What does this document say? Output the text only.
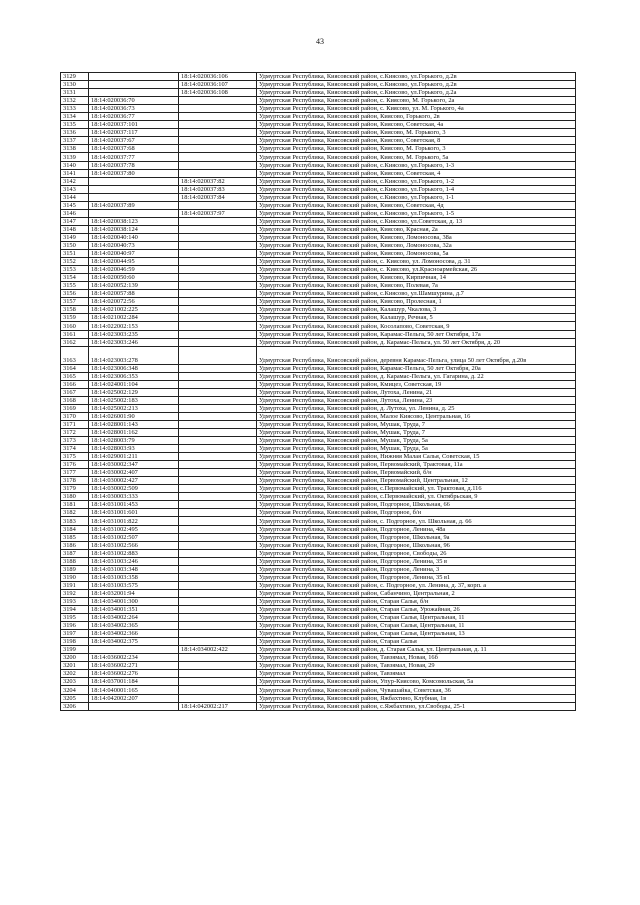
43
3129		18:14:020036:106	Удмуртская Республика, Кияcовский район, с.Кияcово, ул.Горького, д.2в
3130		18:14:020036:107	Удмуртская Республика, Кияcовский район, с.Кияcово, ул.Горького, д.2в
3131		18:14:020036:108	Удмуртская Республика, Кияcовский район, с.Кияcово, ул.Горького, д.2а
3132	18:14:020036:70		Удмуртская Республика, Кияcовский район, с. Кияcово, М. Горького, 2а
3133	18:14:020036:73		Удмуртская Республика, Кияcовский район, с. Кияcово, ул. М. Горького, 4а
3134	18:14:020036:77		Удмуртская Республика, Кияcовский район, Кияcово, Горького, 2в
3135	18:14:020037:101		Удмуртская Республика, Кияcовский район, Кияcово, Советская, 4а
3136	18:14:020037:117		Удмуртская Республика, Кияcовский район, Кияcово, М. Горького, 3
3137	18:14:020037:67		Удмуртская Республика, Кияcовский район, Кияcово, Советская, 8
3138	18:14:020037:68		Удмуртская Республика, Кияcовский район, Кияcово, М. Горького, 3
3139	18:14:020037:77		Удмуртская Республика, Кияcовский район, Кияcово, М. Горького, 5а
3140	18:14:020037:78		Удмуртская Республика, Кияcовский район, с.Кияcово, ул.Горького, 1-3
3141	18:14:020037:80		Удмуртская Республика, Кияcовский район, Кияcово, Советская, 4
3142		18:14:020037:82	Удмуртская Республика, Кияcовский район, с.Кияcово, ул.Горького, 1-2
3143		18:14:020037:83	Удмуртская Республика, Кияcовский район, с.Кияcово, ул.Горького, 1-4
3144		18:14:020037:84	Удмуртская Республика, Кияcовский район, с.Кияcово, ул.Горького, 1-1
3145	18:14:020037:89		Удмуртская Республика, Кияcовский район, Кияcово, Советская, 4д
3146		18:14:020037:97	Удмуртская Республика, Кияcовский район, с.Кияcово, ул.Горького, 1-5
3147	18:14:020038:123		Удмуртская Республика, Кияcовский район, с.Кияcово, ул.Советская, д. 13
3148	18:14:020038:124		Удмуртская Республика, Кияcовский район, Кияcово, Красная, 2а
3149	18:14:020040:140		Удмуртская Республика, Кияcовский район, Кияcово, Ломоносова, 38а
3150	18:14:020040:73		Удмуртская Республика, Кияcовский район, Кияcово, Ломоносова, 32а
3151	18:14:020040:97		Удмуртская Республика, Кияcовский район, Кияcово, Ломоносова, 5а
3152	18:14:020044:95		Удмуртская Республика, Кияcовский район, с. Кияcово, ул. Ломоносова, д. 31
3153	18:14:020046:59		Удмуртская Республика, Кияcовский район, с. Кияcово, ул.Красноармейская, 26
3154	18:14:020050:60		Удмуртская Республика, Кияcовский район, Кияcово, Кирпичная, 14
3155	18:14:020052:139		Удмуртская Республика, Кияcовский район, Кияcово, Полевая, 7а
3156	18:14:020057:88		Удмуртская Республика, Кияcовский район, с.Кияcово, ул.Шамшурина, д.7
3157	18:14:020072:56		Удмуртская Республика, Кияcовский район, Кияcово, Пролесная, 1
3158	18:14:021002:225		Удмуртская Республика, Кияcовский район, Калашур, Чкалова, 3
3159	18:14:021002:284		Удмуртская Республика, Кияcовский район, Калашур, Речная, 5
3160	18:14:022002:153		Удмуртская Республика, Кияcовский район, Косолапово, Советская, 9
3161	18:14:023003:235		Удмуртская Республика, Кияcовский район, Карамас-Пельга, 50 лет Октября, 17а
3162	18:14:023003:246		Удмуртская Республика, Кияcовский район, д. Карамас-Пельга, ул. 50 лет Октября, д. 20
3163	18:14:023003:278		Удмуртская Республика, Кияcовский район, деревня Карамас-Пельга, улица 50 лет Октября, д.20в
3164	18:14:023006:348		Удмуртская Республика, Кияcовский район, Карамас-Пельга, 50 лет Октября, 20а
3165	18:14:023006:353		Удмуртская Республика, Кияcовский район, д. Карамас-Пельга, ул. Гагарина, д. 22
3166	18:14:024001:104		Удмуртская Республика, Кияcовский район, Кмицез, Советская, 19
3167	18:14:025002:129		Удмуртская Республика, Кияcовский район, Лутоха, Ленина, 21
3168	18:14:025002:183		Удмуртская Республика, Кияcовский район, Лутоха, Ленина, 23
3169	18:14:025002:213		Удмуртская Республика, Кияcовский район, д. Лутоха, ул. Ленина, д. 25
3170	18:14:026001:90		Удмуртская Республика, Кияcовский район, Малое Кияcово, Центральная, 16
3171	18:14:028001:143		Удмуртская Республика, Кияcовский район, Мушак, Труда, 7
3172	18:14:028001:162		Удмуртская Республика, Кияcовский район, Мушак, Труда, 7
3173	18:14:028003:79		Удмуртская Республика, Кияcовский район, Мушак, Труда, 5а
3174	18:14:028003:93		Удмуртская Республика, Кияcовский район, Мушак, Труда, 5а
3175	18:14:029001:211		Удмуртская Республика, Кияcовский район, Нижняя Малая Салья, Советская, 15
3176	18:14:030002:347		Удмуртская Республика, Кияcовский район, Первомайский, Трактовая, 11а
3177	18:14:030002:407		Удмуртская Республика, Кияcовский район, Первомайский, б/н
3178	18:14:030002:427		Удмуртская Республика, Кияcовский район, Первомайский, Центральная, 12
3179	18:14:030002:509		Удмуртская Республика, Кияcовский район, с.Первомайский, ул. Трактовая, д.116
3180	18:14:030003:333		Удмуртская Республика, Кияcовский район, с.Первомайский, ул. Октябрьская, 9
3181	18:14:031001:453		Удмуртская Республика, Кияcовский район, Подгорное, Школьная, 66
3182	18:14:031001:601		Удмуртская Республика, Кияcовский район, Подгорное, б/н
3183	18:14:031001:822		Удмуртская Республика, Кияcовский район, с. Подгорное, ул. Школьная, д. 66
3184	18:14:031002:495		Удмуртская Республика, Кияcовский район, Подгорное, Ленина, 48а
3185	18:14:031002:507		Удмуртская Республика, Кияcовский район, Подгорное, Школьная, 9а
3186	18:14:031002:566		Удмуртская Республика, Кияcовский район, Подгорное, Школьная, 96
3187	18:14:031002:883		Удмуртская Республика, Кияcовский район, Подгорное, Свободы, 26
3188	18:14:031003:246		Удмуртская Республика, Кияcовский район, Подгорное, Ленина, 35 в
3189	18:14:031003:348		Удмуртская Республика, Кияcовский район, Подгорное, Ленина, 3
3190	18:14:031003:358		Удмуртская Республика, Кияcовский район, Подгорное, Ленина, 35 в1
3191	18:14:031003:575		Удмуртская Республика, Кияcовский район, с. Подгорное, ул. Ленина, д. 37, корп. а
3192	18:14:032001:94		Удмуртская Республика, Кияcовский район, Сабанчино, Центральная, 2
3193	18:14:034001:300		Удмуртская Республика, Кияcовский район, Старая Салья, б/н
3194	18:14:034001:351		Удмуртская Республика, Кияcовский район, Старая Салья, Урожайная, 26
3195	18:14:034002:264		Удмуртская Республика, Кияcовский район, Старая Салья, Центральная, 11
3196	18:14:034002:365		Удмуртская Республика, Кияcовский район, Старая Салья, Центральная, 11
3197	18:14:034002:366		Удмуртская Республика, Кияcовский район, Старая Салья, Центральная, 13
3198	18:14:034002:375		Удмуртская Республика, Кияcовский район, Старая Салья
3199		18:14:034002:422	Удмуртская Республика, Кияcовский район, д. Старая Салья, ул. Центральная, д. 11
3200	18:14:036002:234		Удмуртская Республика, Кияcовский район, Тавзямал, Новая, 16б
3201	18:14:036002:271		Удмуртская Республика, Кияcовский район, Тавзямал, Новая, 29
3202	18:14:036002:276		Удмуртская Республика, Кияcовский район, Тавзямал
3203	18:14:037001:184		Удмуртская Республика, Кияcовский район, Упур-Кияcово, Комсомольская, 5а
3204	18:14:040001:165		Удмуртская Республика, Кияcовский район, Чувашайка, Советская, 36
3205	18:14:042002:207		Удмуртская Республика, Кияcовский район, Яжбахтино, Клубная, 1в
3206		18:14:042002:217	Удмуртская Республика, Кияcовский район, с.Яжбахтино, ул.Свободы, 25-1
